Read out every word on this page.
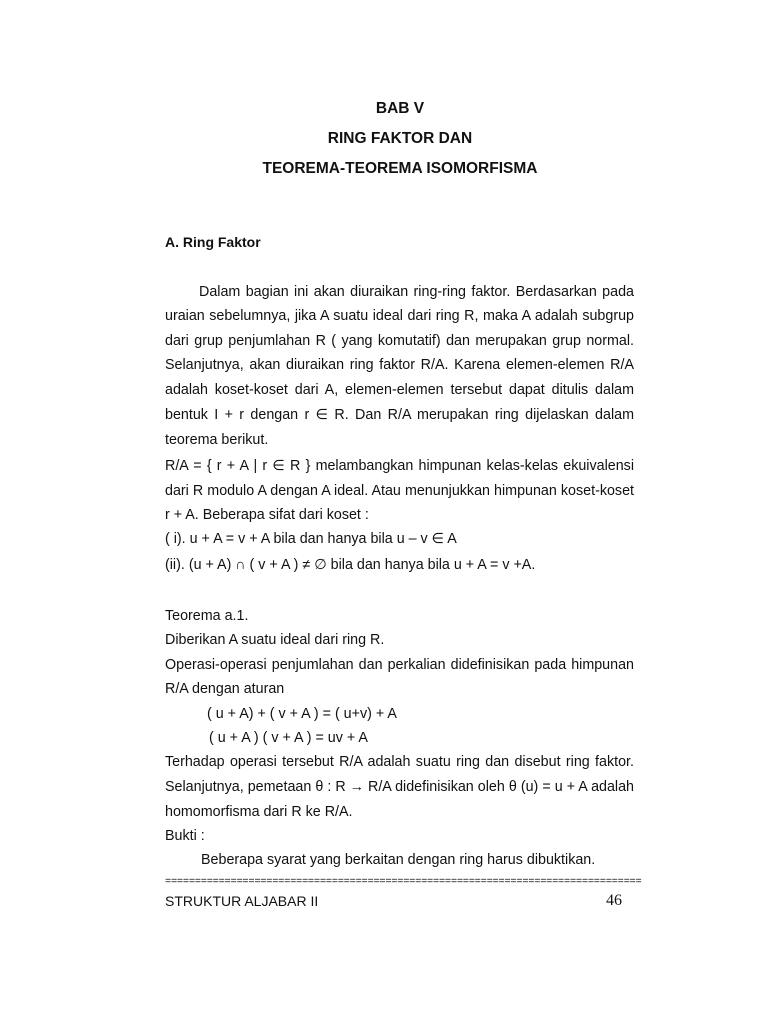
BAB V
RING FAKTOR DAN
TEOREMA-TEOREMA ISOMORFISMA
A. Ring Faktor
Dalam bagian ini akan diuraikan ring-ring faktor. Berdasarkan pada
uraian sebelumnya, jika A suatu ideal dari ring R, maka A adalah subgrup
dari grup penjumlahan R ( yang komutatif) dan merupakan grup normal.
Selanjutnya, akan diuraikan ring faktor R/A. Karena elemen-elemen R/A
adalah koset-koset dari A, elemen-elemen tersebut dapat ditulis dalam
bentuk I + r dengan r ∈ R. Dan R/A merupakan ring dijelaskan dalam
teorema berikut.
R/A = { r + A | r ∈ R } melambangkan himpunan kelas-kelas ekuivalensi
dari R modulo A dengan A ideal. Atau menunjukkan himpunan koset-koset
r + A. Beberapa sifat dari koset :
( i). u + A = v + A bila dan hanya bila u – v ∈ A
(ii). (u + A) ∩ ( v + A ) ≠ ∅ bila dan hanya bila u + A = v +A.
Teorema a.1.
Diberikan A suatu ideal dari ring R.
Operasi-operasi penjumlahan dan perkalian didefinisikan pada himpunan
R/A dengan aturan
( u + A) + ( v + A ) = ( u+v) + A
( u + A ) ( v + A ) = uv + A
Terhadap operasi tersebut R/A adalah suatu ring dan disebut ring faktor.
Selanjutnya, pemetaan θ : R → R/A didefinisikan oleh θ (u) = u + A adalah
homomorfisma dari R ke R/A.
Bukti :
Beberapa syarat yang berkaitan dengan ring harus dibuktikan.
================================================================================
STRUKTUR ALJABAR II	46
